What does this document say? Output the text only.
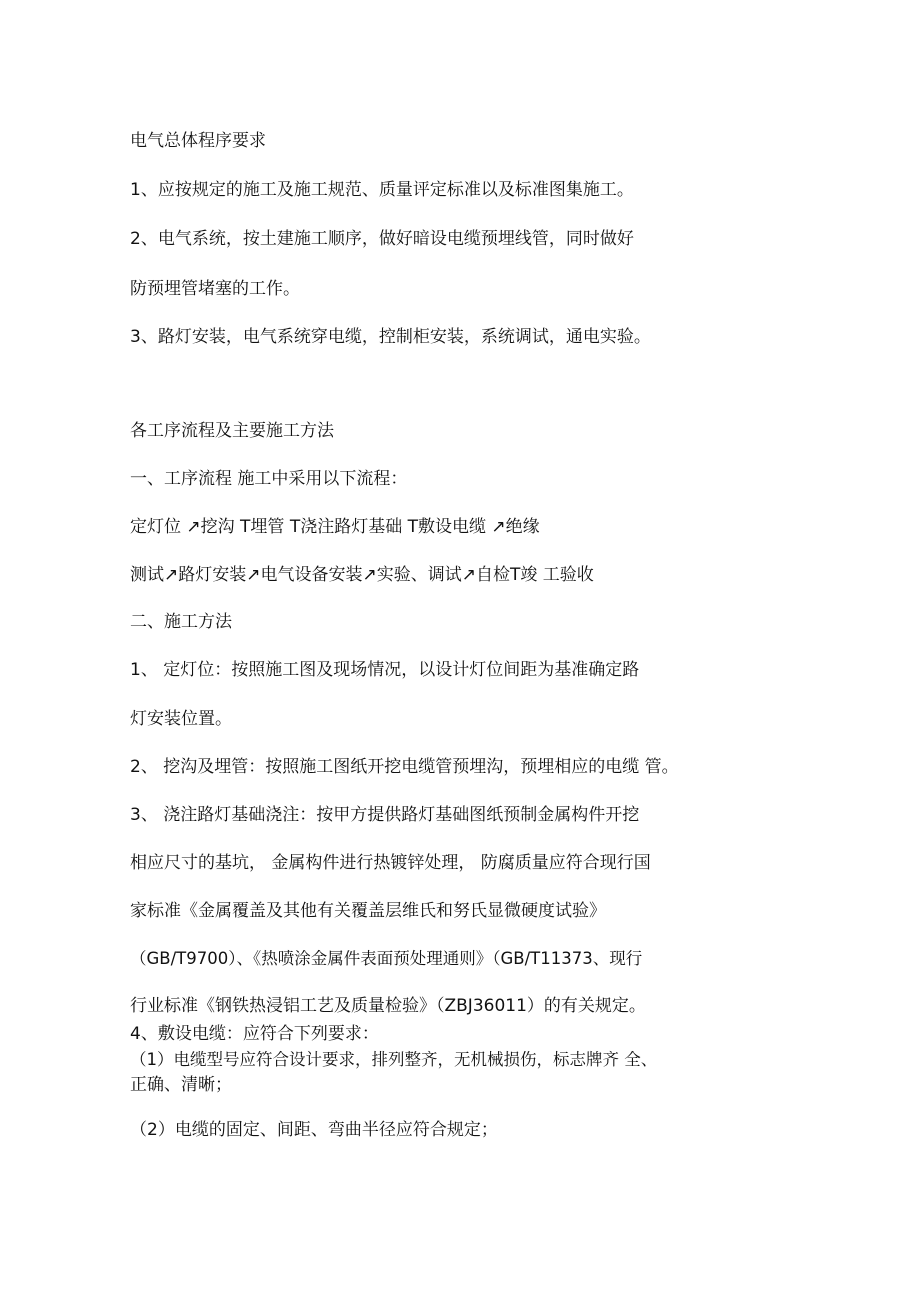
电气总体程序要求
1、应按规定的施工及施工规范、质量评定标准以及标准图集施工。
2、电气系统，按土建施工顺序，做好暗设电缆预埋线管，同时做好
防预埋管堵塞的工作。
3、路灯安装，电气系统穿电缆，控制柜安装，系统调试，通电实验。
各工序流程及主要施工方法
一、工序流程 施工中采用以下流程：
定灯位 ↗挖沟 T埋管 T浇注路灯基础 T敷设电缆 ↗绝缘
测试↗路灯安装↗电气设备安装↗实验、调试↗自检T竣 工验收
二、施工方法
1、 定灯位：按照施工图及现场情况，以设计灯位间距为基准确定路
灯安装位置。
2、 挖沟及埋管：按照施工图纸开挖电缆管预埋沟，预埋相应的电缆 管。
3、 浇注路灯基础浇注：按甲方提供路灯基础图纸预制金属构件开挖
相应尺寸的基坑， 金属构件进行热镀锌处理， 防腐质量应符合现行国
家标准《金属覆盖及其他有关覆盖层维氏和努氏显微硬度试验》
（GB/T9700）、《热喷涂金属件表面预处理通则》（GB/T11373、现行
行业标准《钢铁热浸铝工艺及质量检验》（ZBJ36011）的有关规定。
4、敷设电缆：应符合下列要求：
（1）电缆型号应符合设计要求，排列整齐，无机械损伤，标志牌齐 全、
正确、清晰；
（2）电缆的固定、间距、弯曲半径应符合规定；
